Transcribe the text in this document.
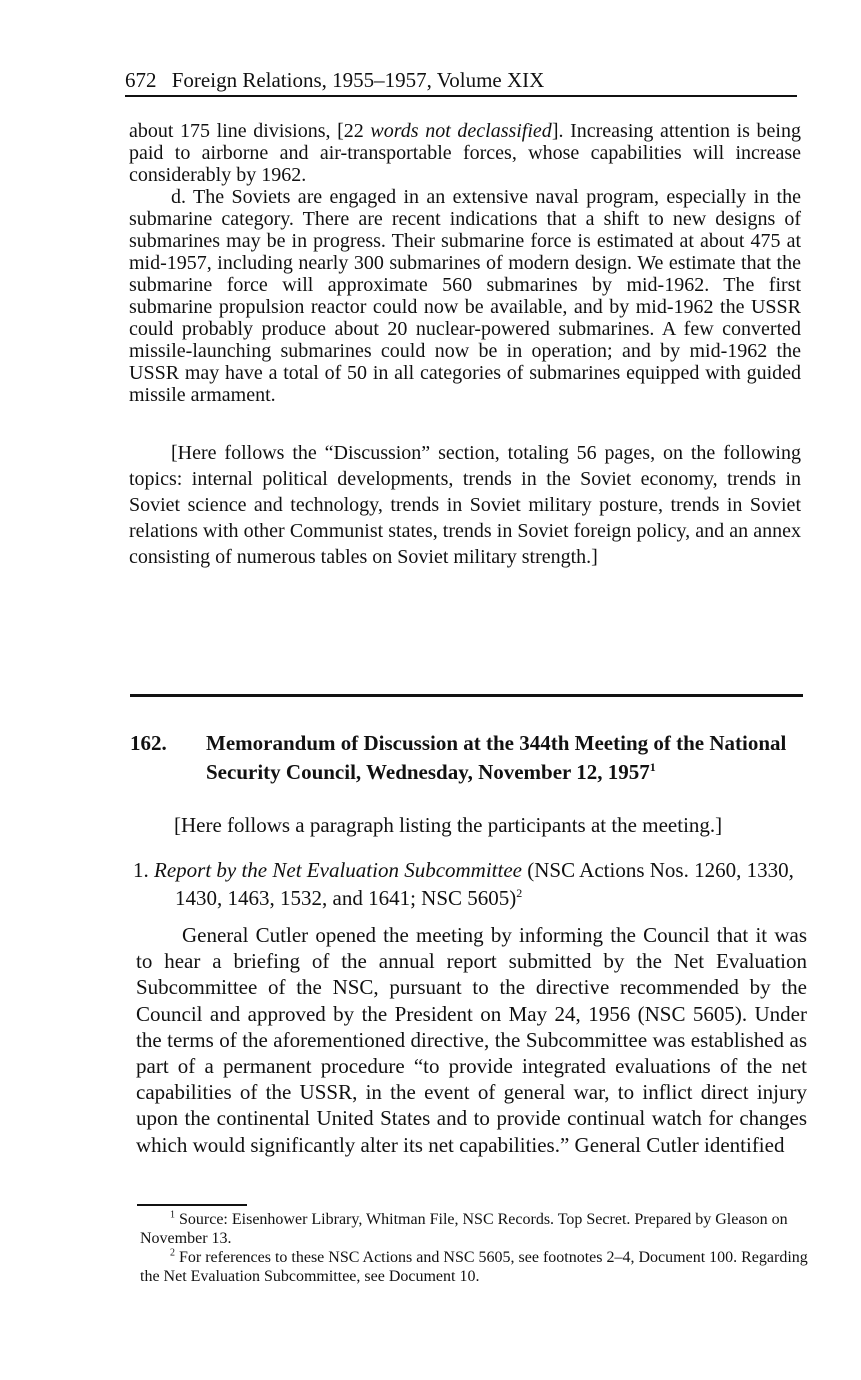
672 Foreign Relations, 1955–1957, Volume XIX

about 175 line divisions, [22 words not declassified]. Increasing attention is being paid to airborne and air-transportable forces, whose capabilities will increase considerably by 1962.

d. The Soviets are engaged in an extensive naval program, especially in the submarine category. There are recent indications that a shift to new designs of submarines may be in progress. Their submarine force is estimated at about 475 at mid-1957, including nearly 300 submarines of modern design. We estimate that the submarine force will approximate 560 submarines by mid-1962. The first submarine propulsion reactor could now be available, and by mid-1962 the USSR could probably produce about 20 nuclear-powered submarines. A few converted missile-launching submarines could now be in operation; and by mid-1962 the USSR may have a total of 50 in all categories of submarines equipped with guided missile armament.

[Here follows the “Discussion” section, totaling 56 pages, on the following topics: internal political developments, trends in the Soviet economy, trends in Soviet science and technology, trends in Soviet military posture, trends in Soviet relations with other Communist states, trends in Soviet foreign policy, and an annex consisting of numerous tables on Soviet military strength.]

162. Memorandum of Discussion at the 344th Meeting of the National Security Council, Wednesday, November 12, 1957$^1$
[Here follows a paragraph listing the participants at the meeting.]
1. Report by the Net Evaluation Subcommittee (NSC Actions Nos. 1260, 1330, 1430, 1463, 1532, and 1641; NSC 5605)$^2$

General Cutler opened the meeting by informing the Council that it was to hear a briefing of the annual report submitted by the Net Evaluation Subcommittee of the NSC, pursuant to the directive recommended by the Council and approved by the President on May 24, 1956 (NSC 5605). Under the terms of the aforementioned directive, the Subcommittee was established as part of a permanent procedure “to provide integrated evaluations of the net capabilities of the USSR, in the event of general war, to inflict direct injury upon the continental United States and to provide continual watch for changes which would significantly alter its net capabilities.” General Cutler identified

$^1$ Source: Eisenhower Library, Whitman File, NSC Records. Top Secret. Prepared by Gleason on November 13.

$^2$ For references to these NSC Actions and NSC 5605, see footnotes 2–4, Document 100. Regarding the Net Evaluation Subcommittee, see Document 10.
